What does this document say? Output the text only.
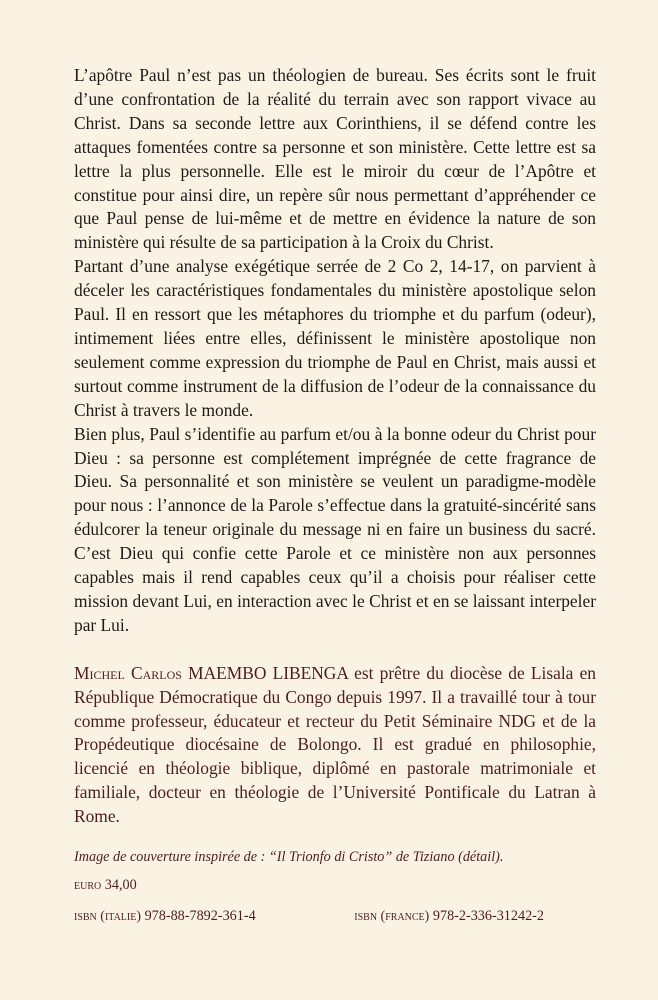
L’apôtre Paul n’est pas un théologien de bureau. Ses écrits sont le fruit d’une confrontation de la réalité du terrain avec son rapport vivace au Christ. Dans sa seconde lettre aux Corinthiens, il se défend contre les attaques fomentées contre sa personne et son ministère. Cette lettre est sa lettre la plus personnelle. Elle est le miroir du cœur de l’Apôtre et constitue pour ainsi dire, un repère sûr nous permettant d’appréhender ce que Paul pense de lui-même et de mettre en évidence la nature de son ministère qui résulte de sa participation à la Croix du Christ.

Partant d’une analyse exégétique serrée de 2 Co 2, 14-17, on parvient à déceler les caractéristiques fondamentales du ministère apostolique selon Paul. Il en ressort que les métaphores du triomphe et du parfum (odeur), intimement liées entre elles, définissent le ministère apostolique non seulement comme expression du triomphe de Paul en Christ, mais aussi et surtout comme instrument de la diffusion de l’odeur de la connaissance du Christ à travers le monde.

Bien plus, Paul s’identifie au parfum et/ou à la bonne odeur du Christ pour Dieu : sa personne est complétement imprégnée de cette fragrance de Dieu. Sa personnalité et son ministère se veulent un paradigme-modèle pour nous : l’annonce de la Parole s’effectue dans la gratuité-sincérité sans édulcorer la teneur originale du message ni en faire un business du sacré. C’est Dieu qui confie cette Parole et ce ministère non aux personnes capables mais il rend capables ceux qu’il a choisis pour réaliser cette mission devant Lui, en interaction avec le Christ et en se laissant interpeler par Lui.

Michel Carlos MAEMBO LIBENGA est prêtre du diocèse de Lisala en République Démocratique du Congo depuis 1997. Il a travaillé tour à tour comme professeur, éducateur et recteur du Petit Séminaire NDG et de la Propédeutique diocésaine de Bolongo. Il est gradué en philosophie, licencié en théologie biblique, diplômé en pastorale matrimoniale et familiale, docteur en théologie de l’Université Pontificale du Latran à Rome.

Image de couverture inspirée de : “Il Trionfo di Cristo” de Tiziano (détail).

euro 34,00

isbn (italie) 978-88-7892-361-4	isbn (france) 978-2-336-31242-2
